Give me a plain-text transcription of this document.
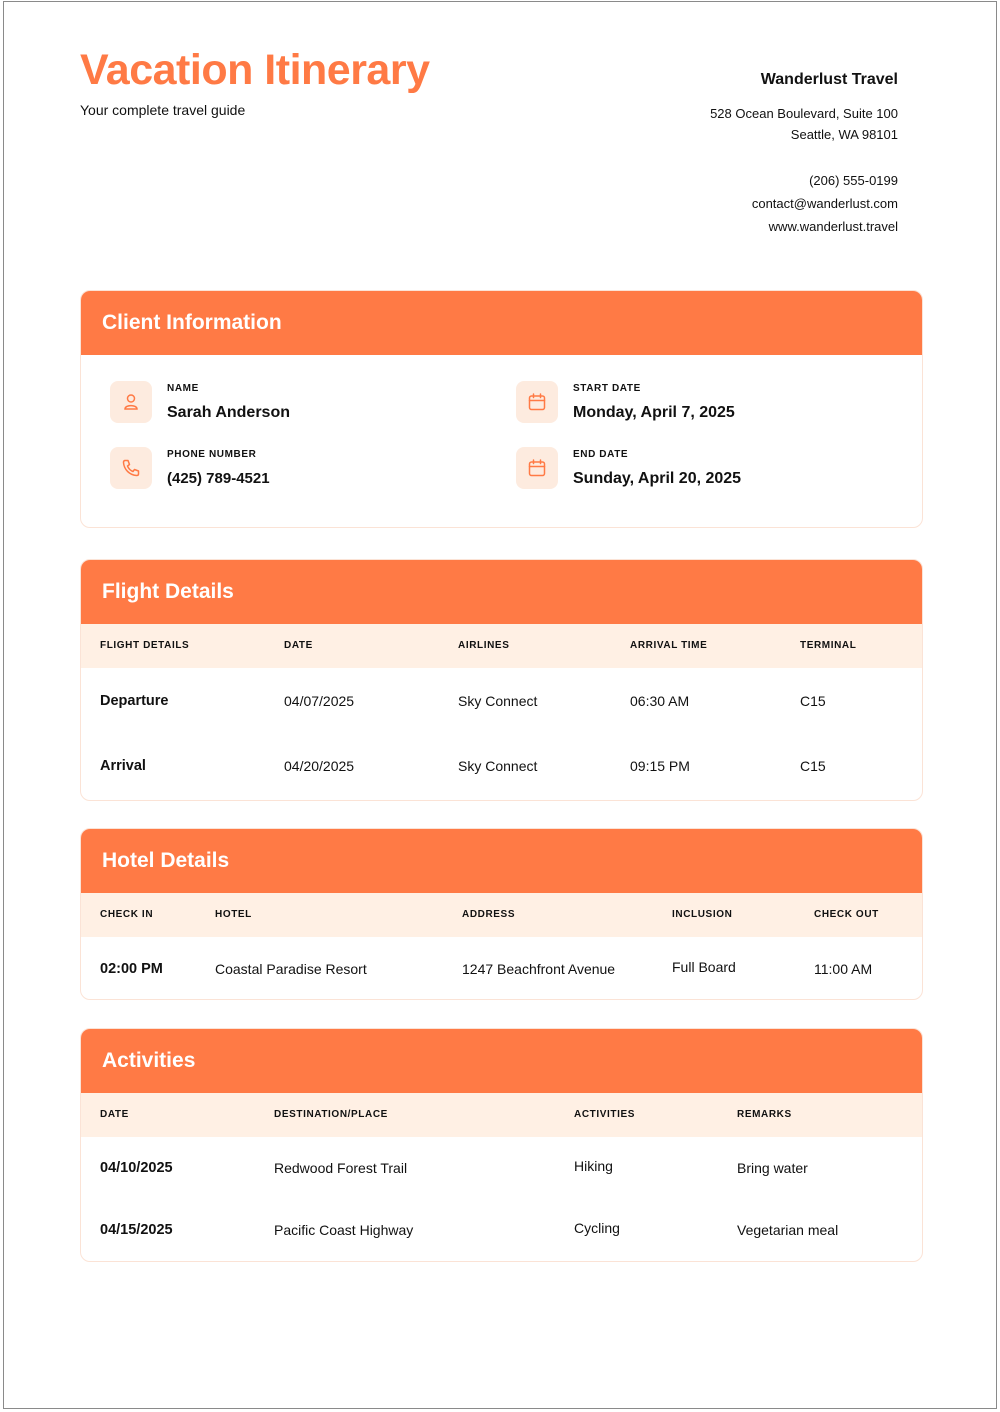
Vacation Itinerary
Your complete travel guide
Wanderlust Travel
528 Ocean Boulevard, Suite 100
Seattle, WA 98101
(206) 555-0199
contact@wanderlust.com
www.wanderlust.travel
Client Information
NAME
Sarah Anderson
PHONE NUMBER
(425) 789-4521
START DATE
Monday, April 7, 2025
END DATE
Sunday, April 20, 2025
Flight Details
FLIGHT DETAILS	DATE	AIRLINES	ARRIVAL TIME	TERMINAL
Departure	04/07/2025	Sky Connect	06:30 AM	C15
Arrival	04/20/2025	Sky Connect	09:15 PM	C15
Hotel Details
CHECK IN	HOTEL	ADDRESS	INCLUSION	CHECK OUT
02:00 PM	Coastal Paradise Resort	1247 Beachfront Avenue	Full Board	11:00 AM
Activities
DATE	DESTINATION/PLACE	ACTIVITIES	REMARKS
04/10/2025	Redwood Forest Trail	Hiking	Bring water
04/15/2025	Pacific Coast Highway	Cycling	Vegetarian meal
